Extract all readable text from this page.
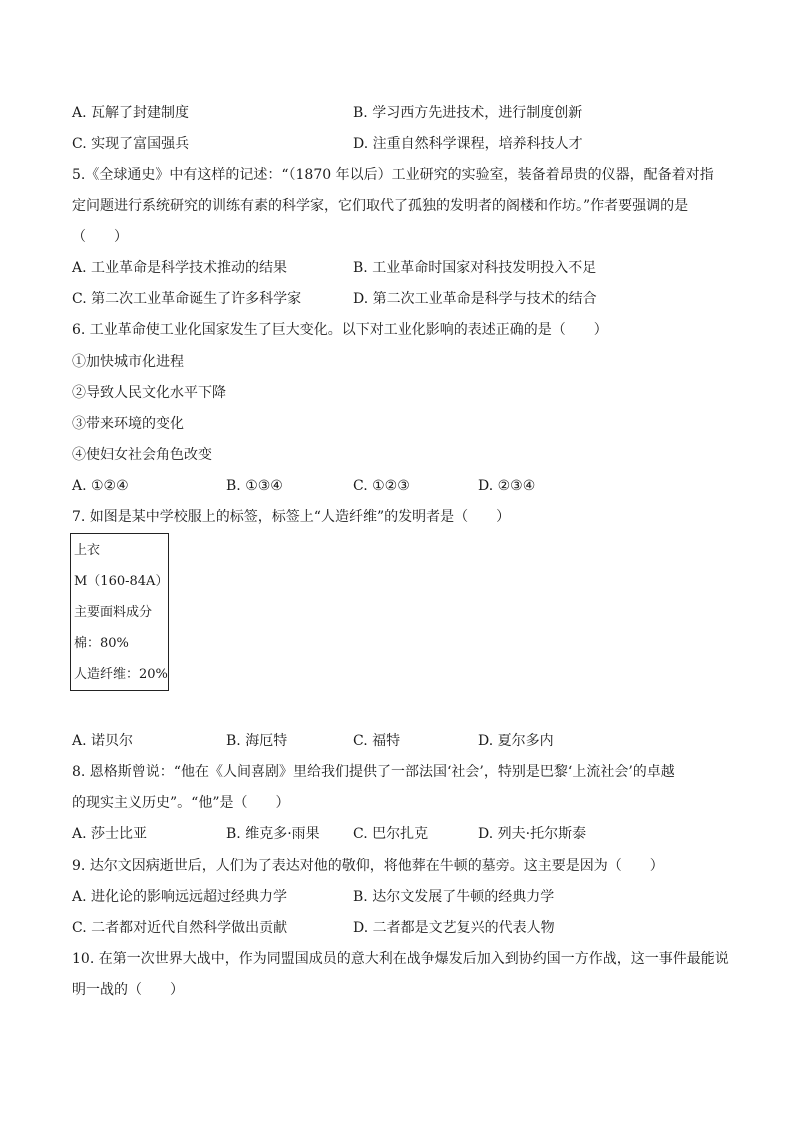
A. 瓦解了封建制度	B. 学习西方先进技术，进行制度创新
C. 实现了富国强兵	D. 注重自然科学课程，培养科技人才
5.《全球通史》中有这样的记述：“（1870 年以后）工业研究的实验室，装备着昂贵的仪器，配备着对指
定问题进行系统研究的训练有素的科学家，它们取代了孤独的发明者的阁楼和作坊。”作者要强调的是
（　　）
A. 工业革命是科学技术推动的结果	B. 工业革命时国家对科技发明投入不足
C. 第二次工业革命诞生了许多科学家	D. 第二次工业革命是科学与技术的结合
6. 工业革命使工业化国家发生了巨大变化。以下对工业化影响的表述正确的是（　　）
①加快城市化进程
②导致人民文化水平下降
③带来环境的变化
④使妇女社会角色改变
A. ①②④	B. ①③④	C. ①②③	D. ②③④
7. 如图是某中学校服上的标签，标签上“人造纤维”的发明者是（　　）
上衣
M（160-84A）
主要面料成分
棉：80%
人造纤维：20%
A. 诺贝尔	B. 海厄特	C. 福特	D. 夏尔多内
8. 恩格斯曾说：“他在《人间喜剧》里给我们提供了一部法国‘社会’，特别是巴黎‘上流社会’的卓越
的现实主义历史”。“他”是（　　）
A. 莎士比亚	B. 维克多·雨果 C. 巴尔扎克	D. 列夫·托尔斯泰
9. 达尔文因病逝世后，人们为了表达对他的敬仰，将他葬在牛顿的墓旁。这主要是因为（　　）
A. 进化论的影响远远超过经典力学	B. 达尔文发展了牛顿的经典力学
C. 二者都对近代自然科学做出贡献	D. 二者都是文艺复兴的代表人物
10. 在第一次世界大战中，作为同盟国成员的意大利在战争爆发后加入到协约国一方作战，这一事件最能说
明一战的（　　）
